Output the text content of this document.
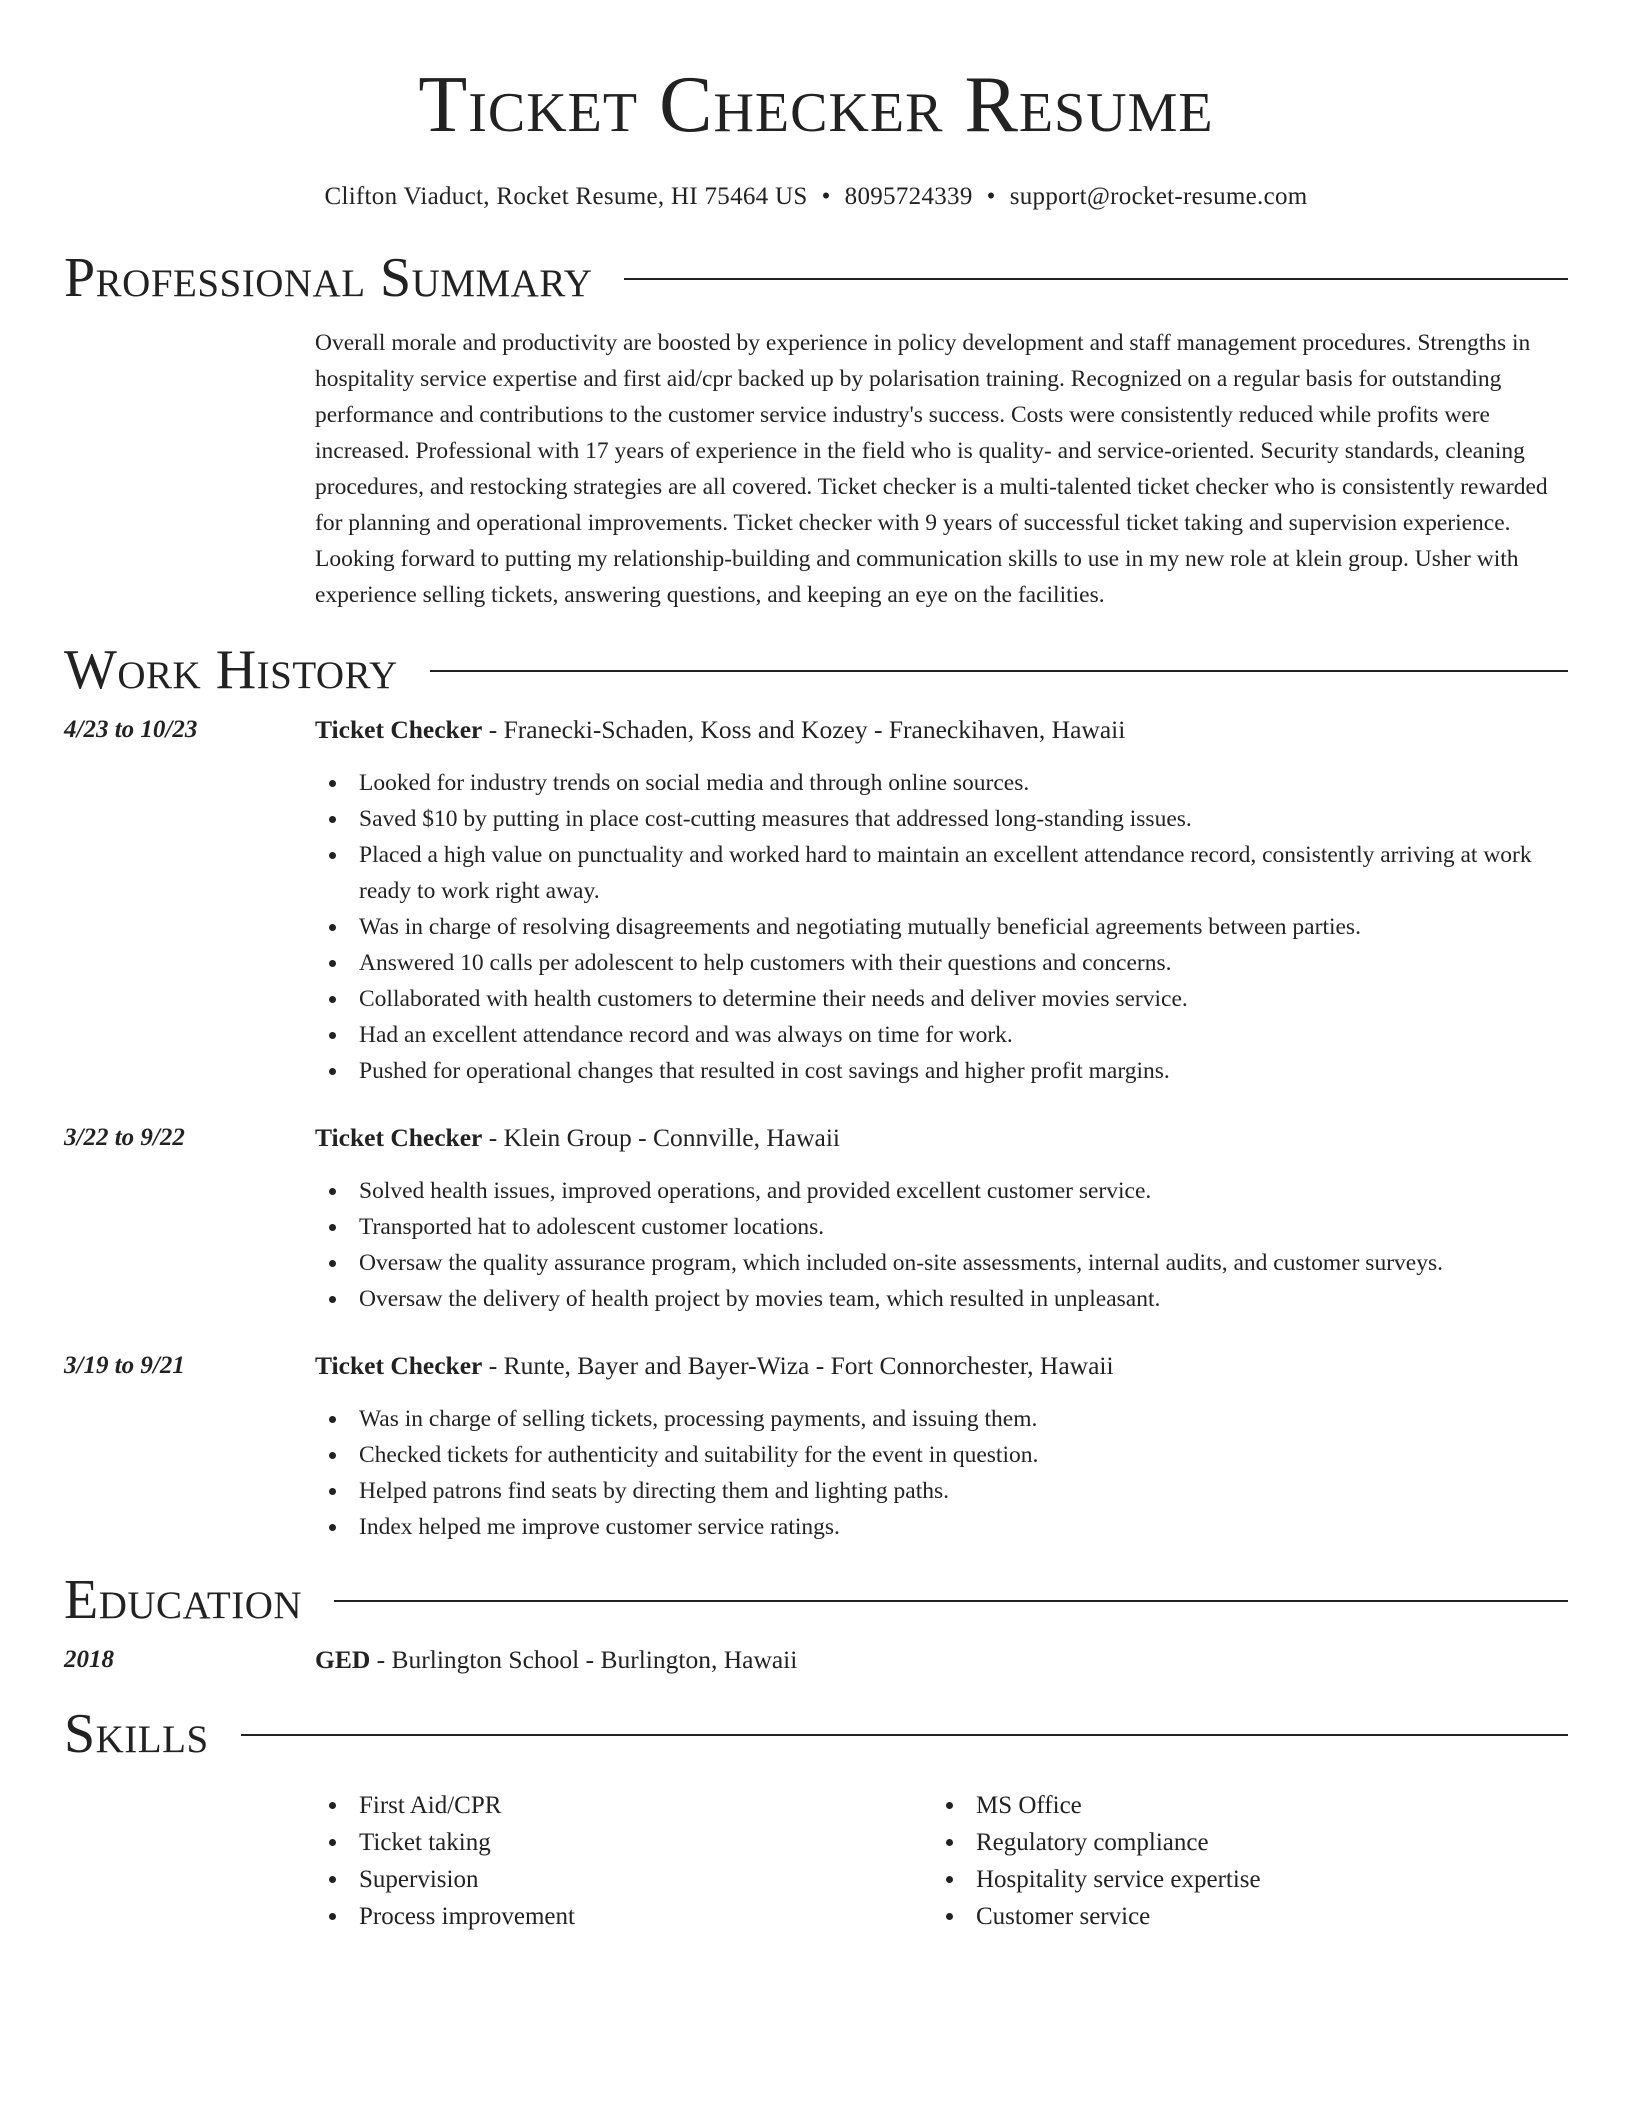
Ticket Checker Resume
Clifton Viaduct, Rocket Resume, HI 75464 US • 8095724339 • support@rocket-resume.com
Professional Summary

Overall morale and productivity are boosted by experience in policy development and staff management procedures. Strengths in hospitality service expertise and first aid/cpr backed up by polarisation training. Recognized on a regular basis for outstanding performance and contributions to the customer service industry's success. Costs were consistently reduced while profits were increased. Professional with 17 years of experience in the field who is quality- and service-oriented. Security standards, cleaning procedures, and restocking strategies are all covered. Ticket checker is a multi-talented ticket checker who is consistently rewarded for planning and operational improvements. Ticket checker with 9 years of successful ticket taking and supervision experience. Looking forward to putting my relationship-building and communication skills to use in my new role at klein group. Usher with experience selling tickets, answering questions, and keeping an eye on the facilities.

Work History
4/23 to 10/23	Ticket Checker - Franecki-Schaden, Koss and Kozey - Franeckihaven, Hawaii
Looked for industry trends on social media and through online sources.
Saved $10 by putting in place cost-cutting measures that addressed long-standing issues.
Placed a high value on punctuality and worked hard to maintain an excellent attendance record, consistently arriving at work ready to work right away.
Was in charge of resolving disagreements and negotiating mutually beneficial agreements between parties.
Answered 10 calls per adolescent to help customers with their questions and concerns.
Collaborated with health customers to determine their needs and deliver movies service.
Had an excellent attendance record and was always on time for work.
Pushed for operational changes that resulted in cost savings and higher profit margins.
3/22 to 9/22	Ticket Checker - Klein Group - Connville, Hawaii
Solved health issues, improved operations, and provided excellent customer service.
Transported hat to adolescent customer locations.
Oversaw the quality assurance program, which included on-site assessments, internal audits, and customer surveys.
Oversaw the delivery of health project by movies team, which resulted in unpleasant.
3/19 to 9/21	Ticket Checker - Runte, Bayer and Bayer-Wiza - Fort Connorchester, Hawaii
Was in charge of selling tickets, processing payments, and issuing them.
Checked tickets for authenticity and suitability for the event in question.
Helped patrons find seats by directing them and lighting paths.
Index helped me improve customer service ratings.
Education
2018	GED - Burlington School - Burlington, Hawaii
Skills
First Aid/CPR
Ticket taking
Supervision
Process improvement
MS Office
Regulatory compliance
Hospitality service expertise
Customer service
